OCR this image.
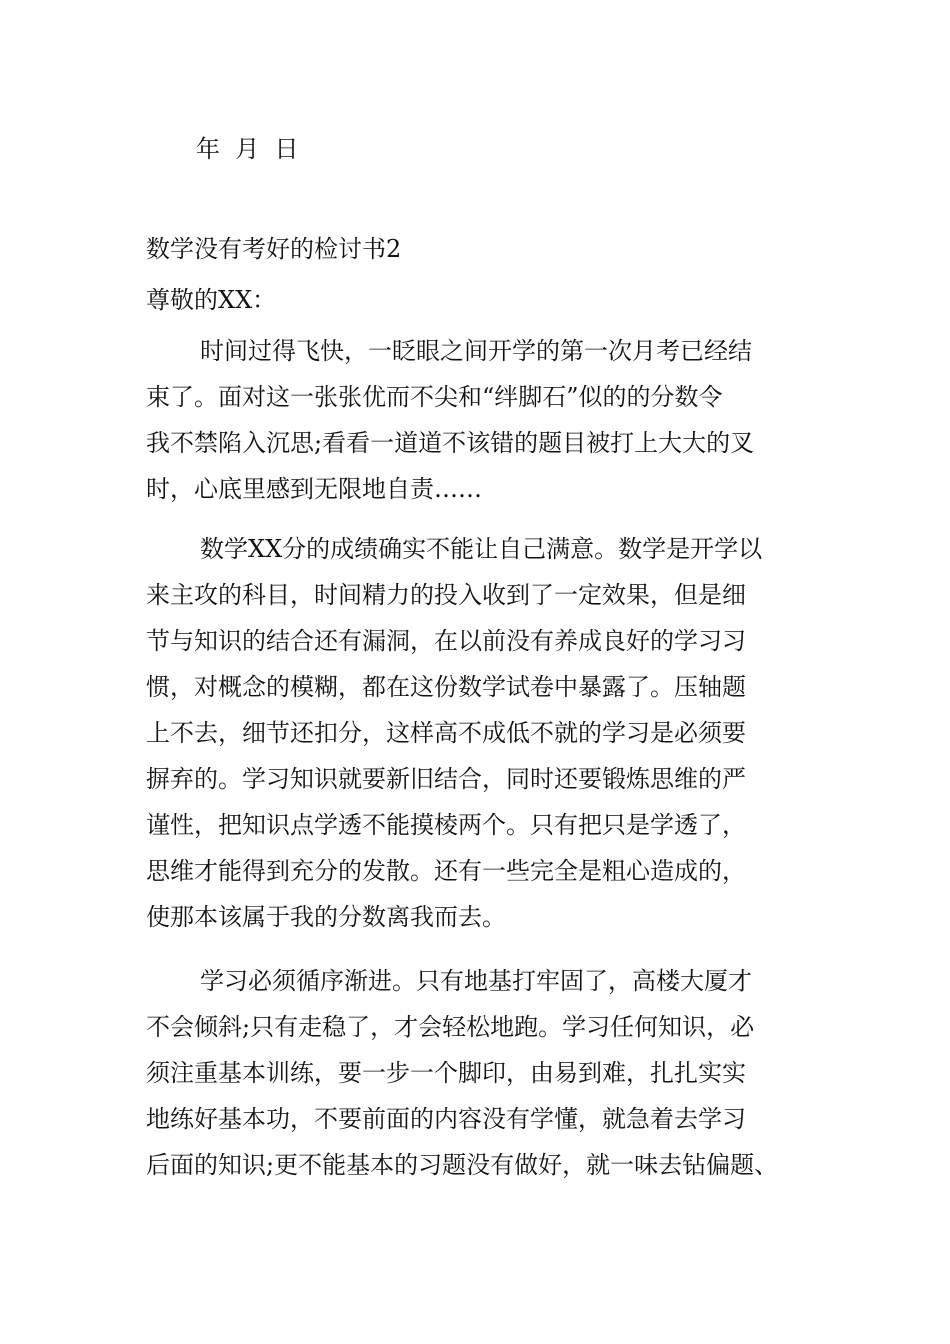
年  月  日
数学没有考好的检讨书2
尊敬的XX：
时间过得飞快，一眨眼之间开学的第一次月考已经结
束了。面对这一张张优而不尖和“绊脚石”似的的分数令
我不禁陷入沉思;看看一道道不该错的题目被打上大大的叉
时，心底里感到无限地自责……
数学XX分的成绩确实不能让自己满意。数学是开学以
来主攻的科目，时间精力的投入收到了一定效果，但是细
节与知识的结合还有漏洞，在以前没有养成良好的学习习
惯，对概念的模糊，都在这份数学试卷中暴露了。压轴题
上不去，细节还扣分，这样高不成低不就的学习是必须要
摒弃的。学习知识就要新旧结合，同时还要锻炼思维的严
谨性，把知识点学透不能摸棱两个。只有把只是学透了，
思维才能得到充分的发散。还有一些完全是粗心造成的，
使那本该属于我的分数离我而去。
学习必须循序渐进。只有地基打牢固了，高楼大厦才
不会倾斜;只有走稳了，才会轻松地跑。学习任何知识，必
须注重基本训练，要一步一个脚印，由易到难，扎扎实实
地练好基本功，不要前面的内容没有学懂，就急着去学习
后面的知识;更不能基本的习题没有做好，就一味去钻偏题、
